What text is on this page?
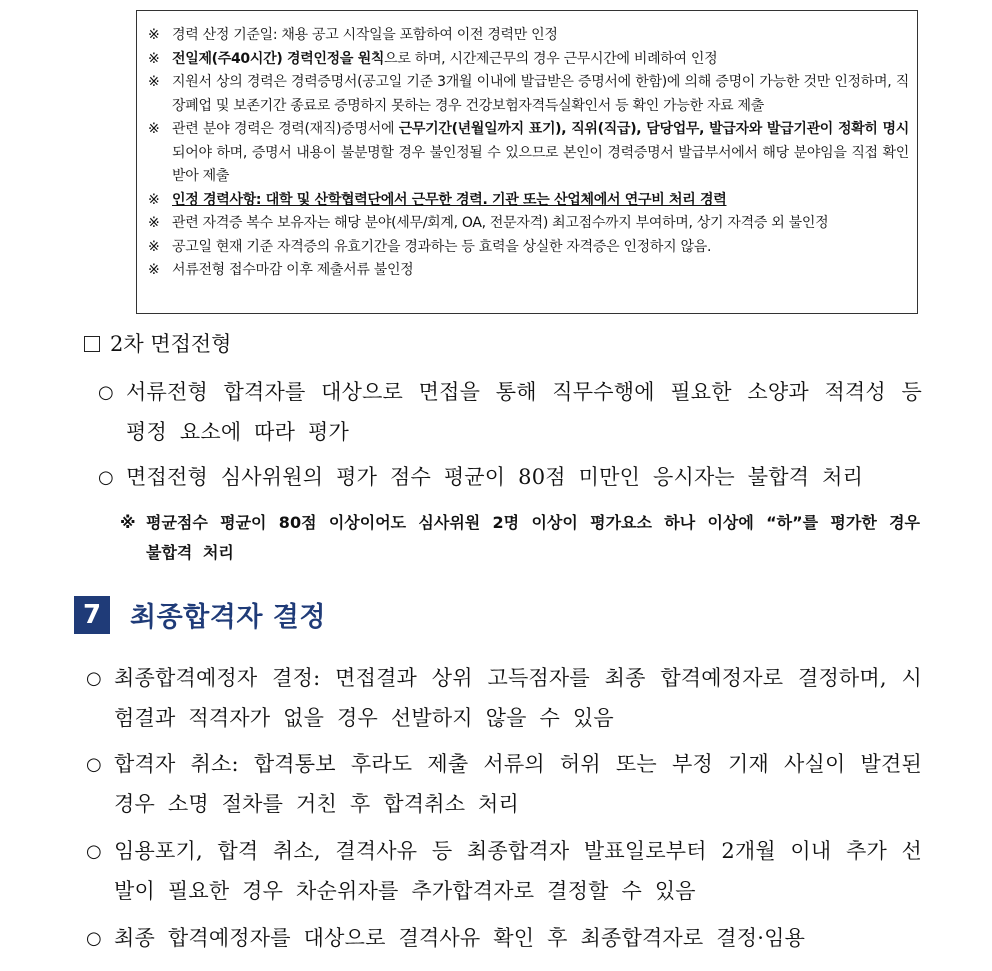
※ 경력 산정 기준일: 채용 공고 시작일을 포함하여 이전 경력만 인정
※ 전일제(주40시간) 경력인정을 원칙으로 하며, 시간제근무의 경우 근무시간에 비례하여 인정
※ 지원서 상의 경력은 경력증명서(공고일 기준 3개월 이내에 발급받은 증명서에 한함)에 의해 증명이 가능한 것만 인정하며, 직장폐업 및 보존기간 종료로 증명하지 못하는 경우 건강보험자격득실확인서 등 확인 가능한 자료 제출
※ 관련 분야 경력은 경력(재직)증명서에 근무기간(년월일까지 표기), 직위(직급), 담당업무, 발급자와 발급기관이 정확히 명시되어야 하며, 증명서 내용이 불분명할 경우 불인정될 수 있으므로 본인이 경력증명서 발급부서에서 해당 분야임을 직접 확인받아 제출
※ 인정 경력사항: 대학 및 산학협력단에서 근무한 경력. 기관 또는 산업체에서 연구비 처리 경력
※ 관련 자격증 복수 보유자는 해당 분야(세무/회계, OA, 전문자격) 최고점수까지 부여하며, 상기 자격증 외 불인정
※ 공고일 현재 기준 자격증의 유효기간을 경과하는 등 효력을 상실한 자격증은 인정하지 않음.
※ 서류전형 접수마감 이후 제출서류 불인정
2차 면접전형
○ 서류전형 합격자를 대상으로 면접을 통해 직무수행에 필요한 소양과 적격성 등 평정 요소에 따라 평가
○ 면접전형 심사위원의 평가 점수 평균이 80점 미만인 응시자는 불합격 처리
※ 평균점수 평균이 80점 이상이어도 심사위원 2명 이상이 평가요소 하나 이상에 “하”를 평가한 경우 불합격 처리
7	최종합격자 결정
○ 최종합격예정자 결정: 면접결과 상위 고득점자를 최종 합격예정자로 결정하며, 시험결과 적격자가 없을 경우 선발하지 않을 수 있음
○ 합격자 취소: 합격통보 후라도 제출 서류의 허위 또는 부정 기재 사실이 발견된 경우 소명 절차를 거친 후 합격취소 처리
○ 임용포기, 합격 취소, 결격사유 등 최종합격자 발표일로부터 2개월 이내 추가 선발이 필요한 경우 차순위자를 추가합격자로 결정할 수 있음
○ 최종 합격예정자를 대상으로 결격사유 확인 후 최종합격자로 결정·임용
